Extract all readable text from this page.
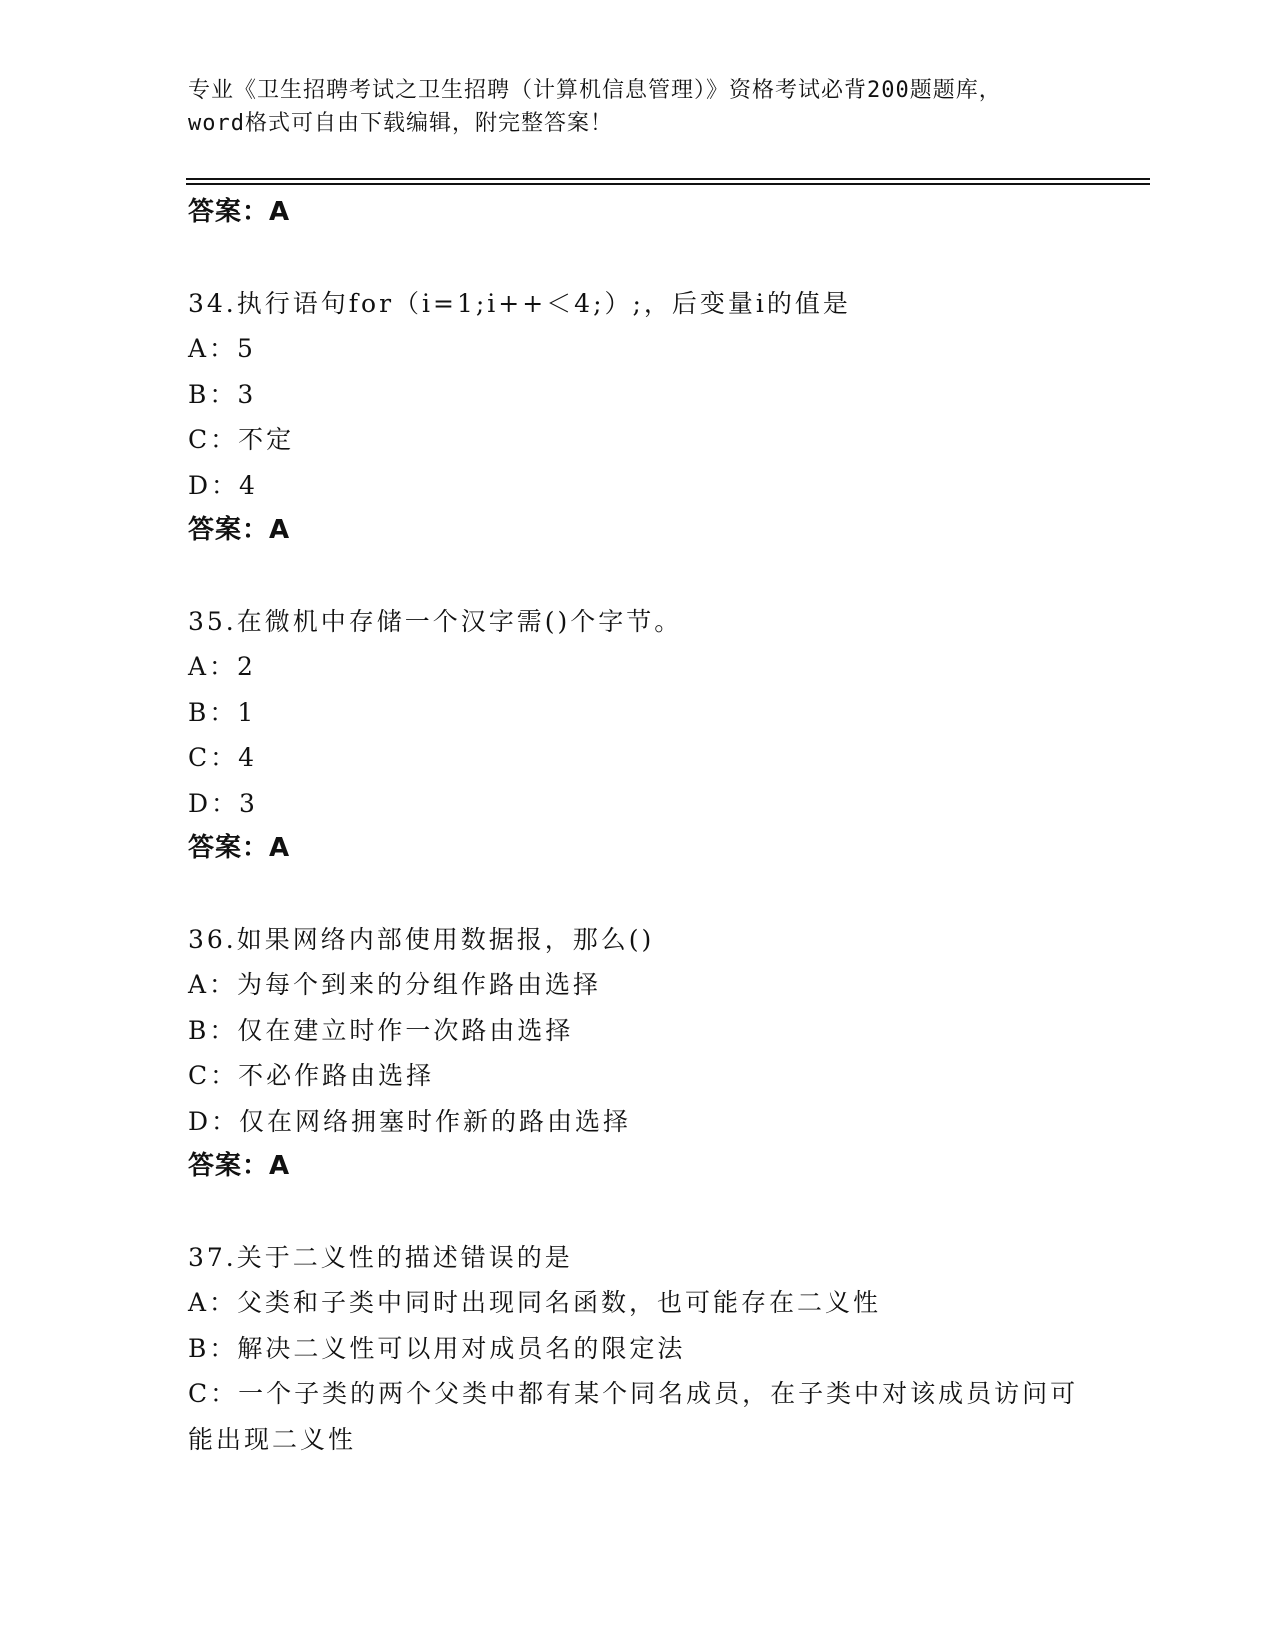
专业《卫生招聘考试之卫生招聘（计算机信息管理）》资格考试必背200题题库，
word格式可自由下载编辑，附完整答案！
答案：A
34.执行语句for（i=1;i++＜4;）;，后变量i的值是
A：5
B：3
C：不定
D：4
答案：A
35.在微机中存储一个汉字需()个字节。
A：2
B：1
C：4
D：3
答案：A
36.如果网络内部使用数据报，那么()
A：为每个到来的分组作路由选择
B：仅在建立时作一次路由选择
C：不必作路由选择
D：仅在网络拥塞时作新的路由选择
答案：A
37.关于二义性的描述错误的是
A：父类和子类中同时出现同名函数，也可能存在二义性
B：解决二义性可以用对成员名的限定法
C：一个子类的两个父类中都有某个同名成员，在子类中对该成员访问可能出现二义性
